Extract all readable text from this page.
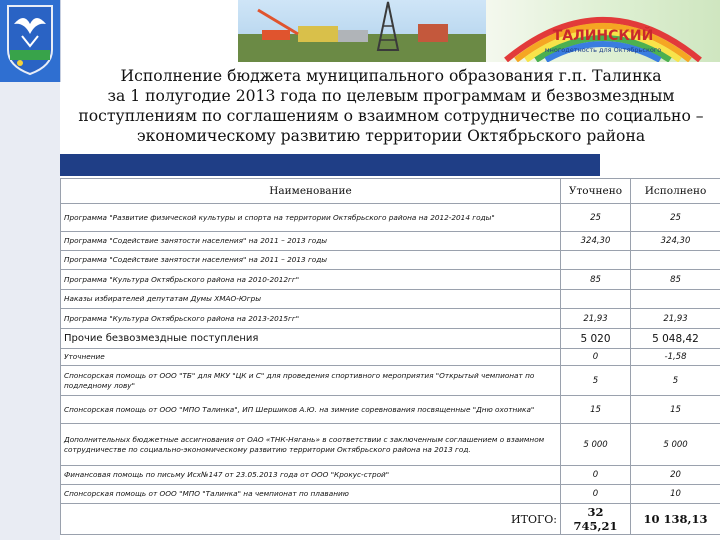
ТАЛИНСКИЙ
многодетность для Октябрьского
Исполнение бюджета муниципального образования г.п. Талинка
за 1 полугодие 2013 года по целевым программам и безвозмездным
поступлениям по соглашениям о взаимном сотрудничестве по социально –
экономическому развитию территории Октябрьского района
Наименование	Уточнено	Исполнено
Программа "Развитие физической культуры и спорта на территории Октябрьского района на 2012-2014 годы"	25	25
Программа "Содействие занятости населения" на 2011 – 2013 годы	324,30	324,30
Программа "Содействие занятости населения" на 2011 – 2013 годы		
Программа "Культура Октябрьского района на 2010-2012гг"	85	85
Наказы избирателей депутатам Думы ХМАО-Югры		
Программа "Культура Октябрьского района на 2013-2015гг"	21,93	21,93
Прочие безвозмездные поступления	5 020	5 048,42
Уточнение	0	-1,58
Спонсорская помощь от ООО "ТБ" для МКУ "ЦК и С" для проведения спортивного мероприятия "Открытый чемпионат по подледному лову"	5	5
Спонсорская помощь от ООО "МПО Талинка", ИП Шершиков А.Ю. на зимние соревнования посвященные "Дню охотника"	15	15
Дополнительных бюджетные ассигнования от ОАО «ТНК-Нягань» в соответствии с заключенным соглашением о взаимном сотрудничестве по социально-экономическому развитию территории Октябрьского района на 2013 год.	5 000	5 000
Финансовая помощь по письму Исх№147 от 23.05.2013 года от ООО "Крокус-строй"	0	20
Спонсорская помощь от ООО "МПО "Талинка" на чемпионат по плаванию	0	10
ИТОГО:	32 745,21	10 138,13
